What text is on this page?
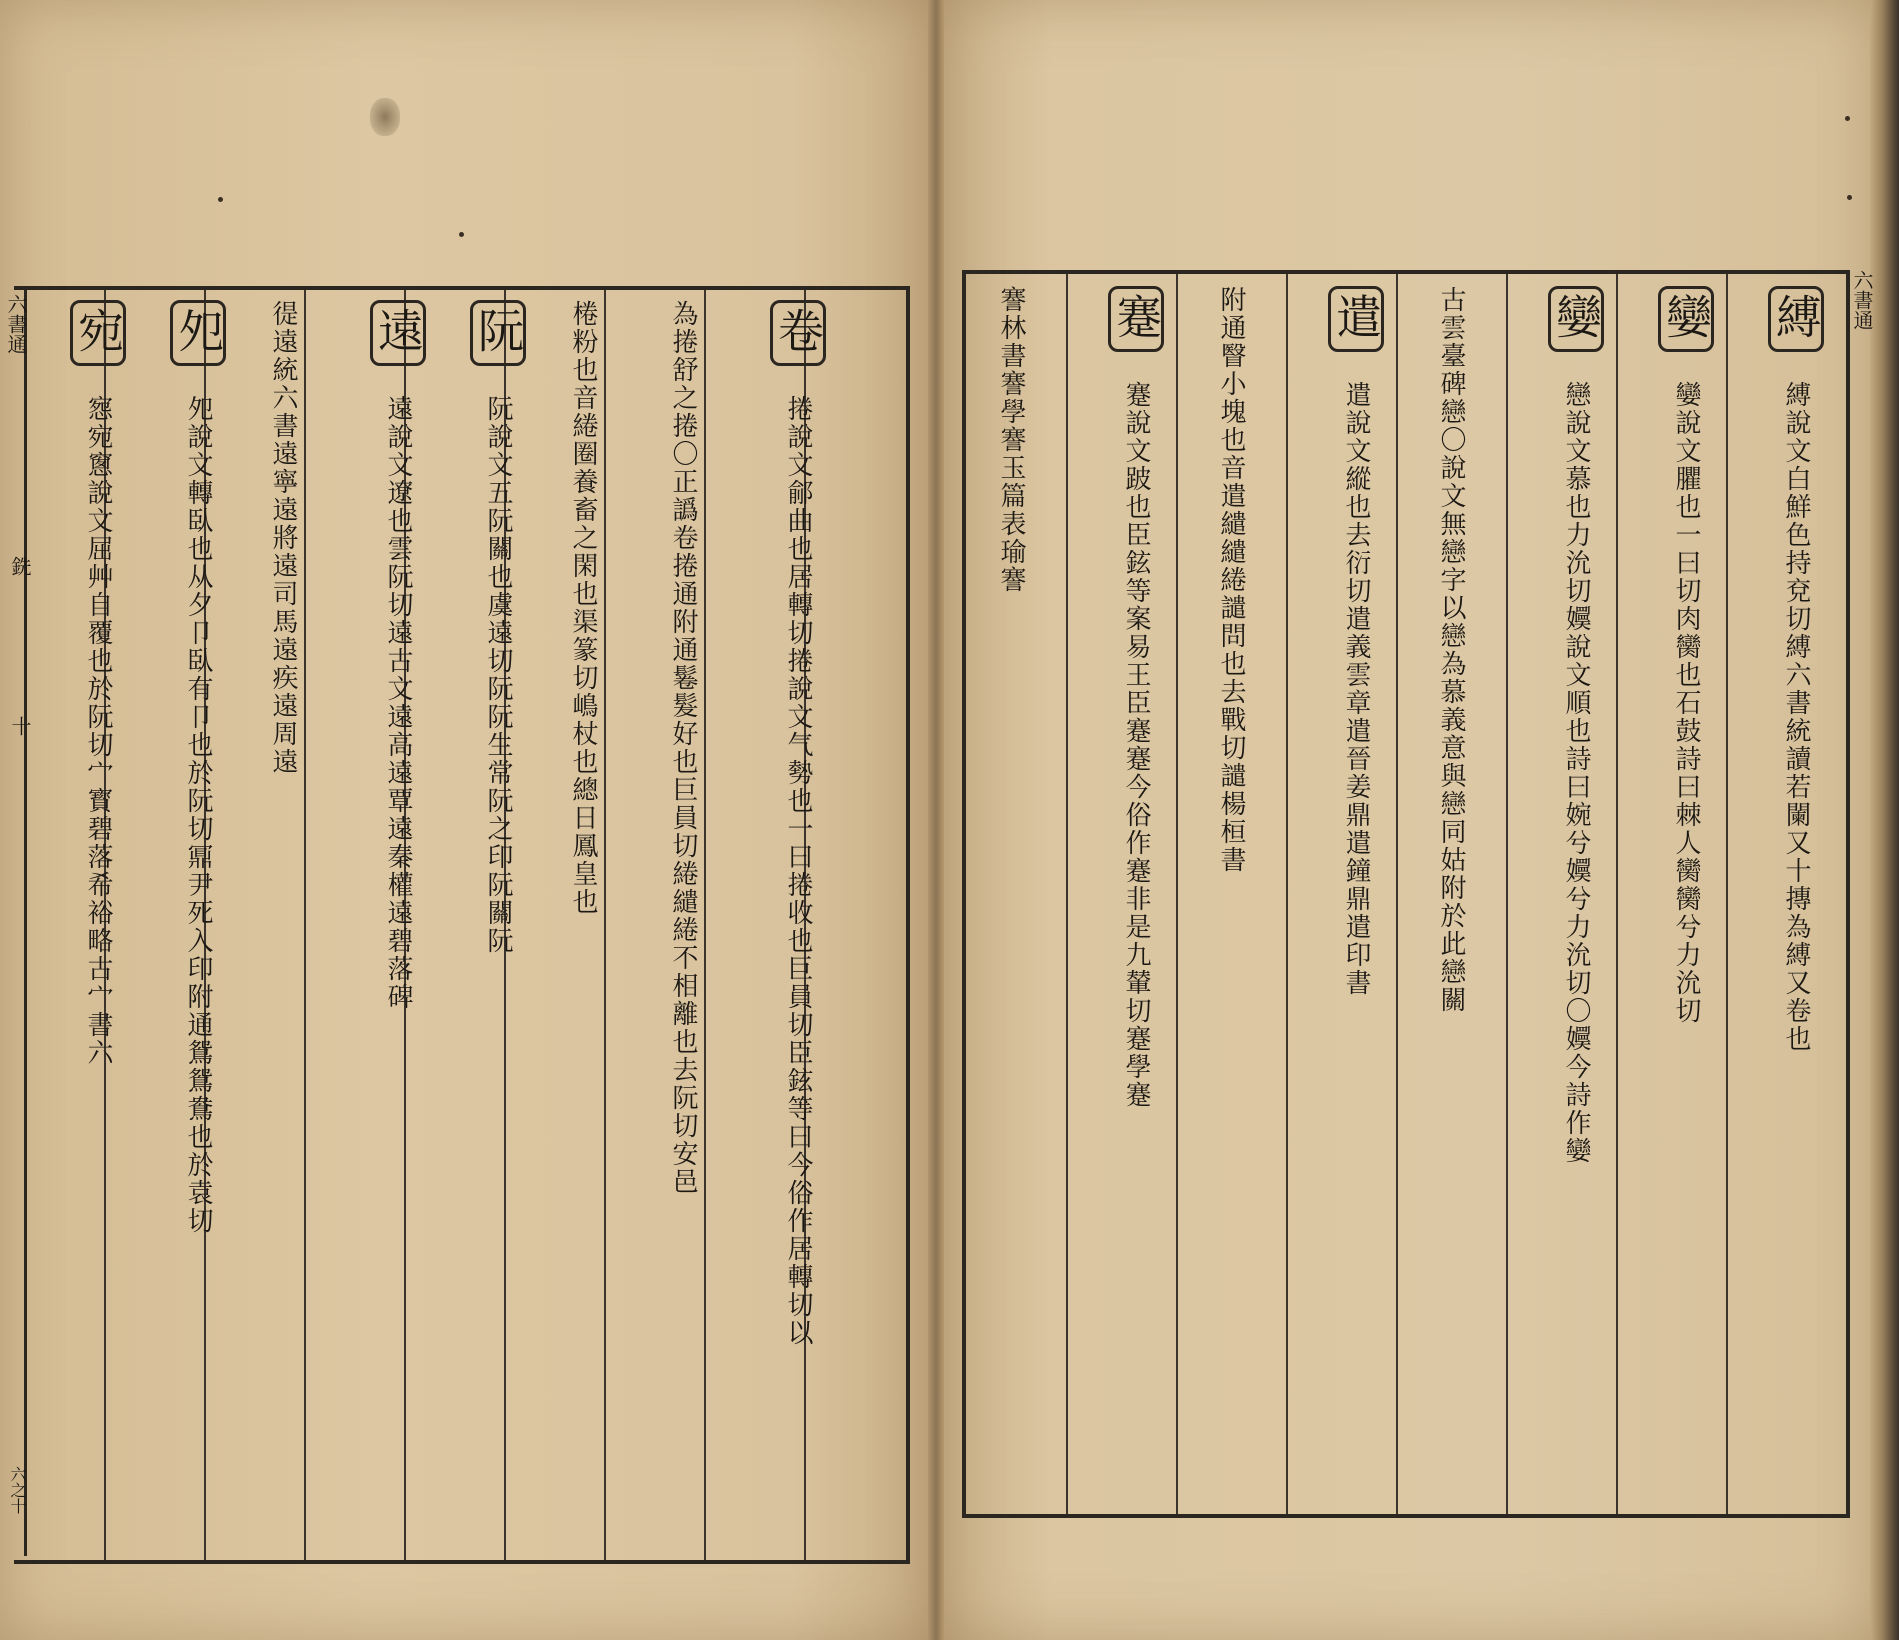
六書通
銑
十
六之十
宛 惌宛窻說文屈艸自覆也於阮切宀寳碧落希裕略古宀書六
夗 夗說文轉臥也从夕卩臥有卩也於阮切鼏尹死入印附通鴛鴛鴦也於袁切	徥遠統六書遠寧遠將遠司馬遠疾遠周遠 遠 遠說文遼也雲阮切遠古文遠高遠覃遠秦權遠碧落碑
阮 阮說文五阮關也虞遠切阮阮生常阮之印阮關阮	棬粉也音綣圈養畜之閑也渠篆切嶋杖也總日鳳皇也	為捲舒之捲〇正譌卷捲通附通鬈髮好也巨員切綣繾綣不相離也去阮切安邑 卷 捲說文鄃曲也居轉切捲說文气勢也一曰捲收也巨員切臣鉉等曰今俗作居轉切以
六書通
縛 縛說文白鮮色持兗切縛六書統讀若闌又十摶為縛又卷也
孌 孌說文臞也一曰切肉臠也石鼓詩曰棘人臠臠兮力沇切
孌 戀說文慕也力沇切嬽說文順也詩曰婉兮嬽兮力沇切〇嬽今詩作孌
古雲臺碑戀〇說文無戀字以戀為慕義意與戀同姑附於此戀關
遣 遣說文縱也去衍切遣義雲章遣晉姜鼎遣鐘鼎遣印書
附通瞖小塊也音遣繾繾綣譴問也去戰切譴楊桓書
蹇 蹇說文跛也臣鉉等案易王臣蹇蹇今俗作蹇非是九輦切蹇學蹇
謇林書謇學謇玉篇表瑜謇
